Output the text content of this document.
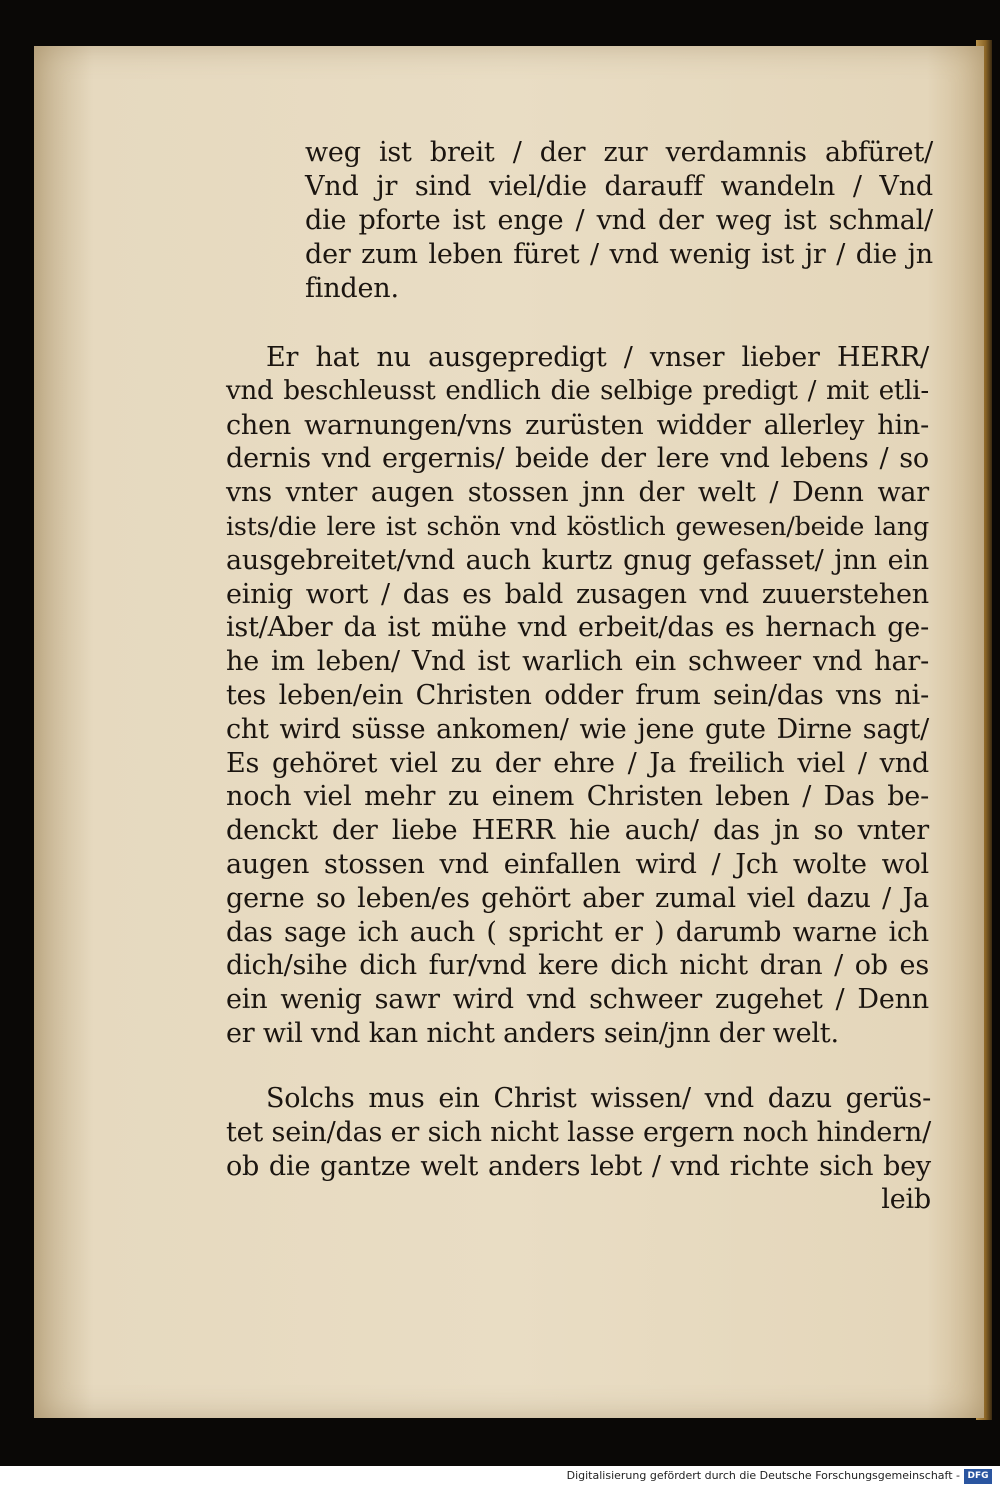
weg ist breit / der zur verdamnis abfüret/
Vnd jr sind viel/die darauff wandeln / Vnd
die pforte ist enge / vnd der weg ist schmal/
der zum leben füret / vnd wenig ist jr / die jn
finden.
Er hat nu ausgepredigt / vnser lieber HERR/
vnd beschleusst endlich die selbige predigt / mit etli-
chen warnungen/vns zurüsten widder allerley hin-
dernis vnd ergernis/ beide der lere vnd lebens / so
vns vnter augen stossen jnn der welt / Denn war
ists/die lere ist schön vnd köstlich gewesen/beide lang
ausgebreitet/vnd auch kurtz gnug gefasset/ jnn ein
einig wort / das es bald zusagen vnd zuuerstehen
ist/Aber da ist mühe vnd erbeit/das es hernach ge-
he im leben/ Vnd ist warlich ein schweer vnd har-
tes leben/ein Christen odder frum sein/das vns ni-
cht wird süsse ankomen/ wie jene gute Dirne sagt/
Es gehöret viel zu der ehre / Ja freilich viel / vnd
noch viel mehr zu einem Christen leben / Das be-
denckt der liebe HERR hie auch/ das jn so vnter
augen stossen vnd einfallen wird / Jch wolte wol
gerne so leben/es gehört aber zumal viel dazu / Ja
das sage ich auch ( spricht er ) darumb warne ich
dich/sihe dich fur/vnd kere dich nicht dran / ob es
ein wenig sawr wird vnd schweer zugehet / Denn
er wil vnd kan nicht anders sein/jnn der welt.
Solchs mus ein Christ wissen/ vnd dazu gerüs-
tet sein/das er sich nicht lasse ergern noch hindern/
ob die gantze welt anders lebt / vnd richte sich bey
leib
Digitalisierung gefördert durch die Deutsche Forschungsgemeinschaft - DFG
